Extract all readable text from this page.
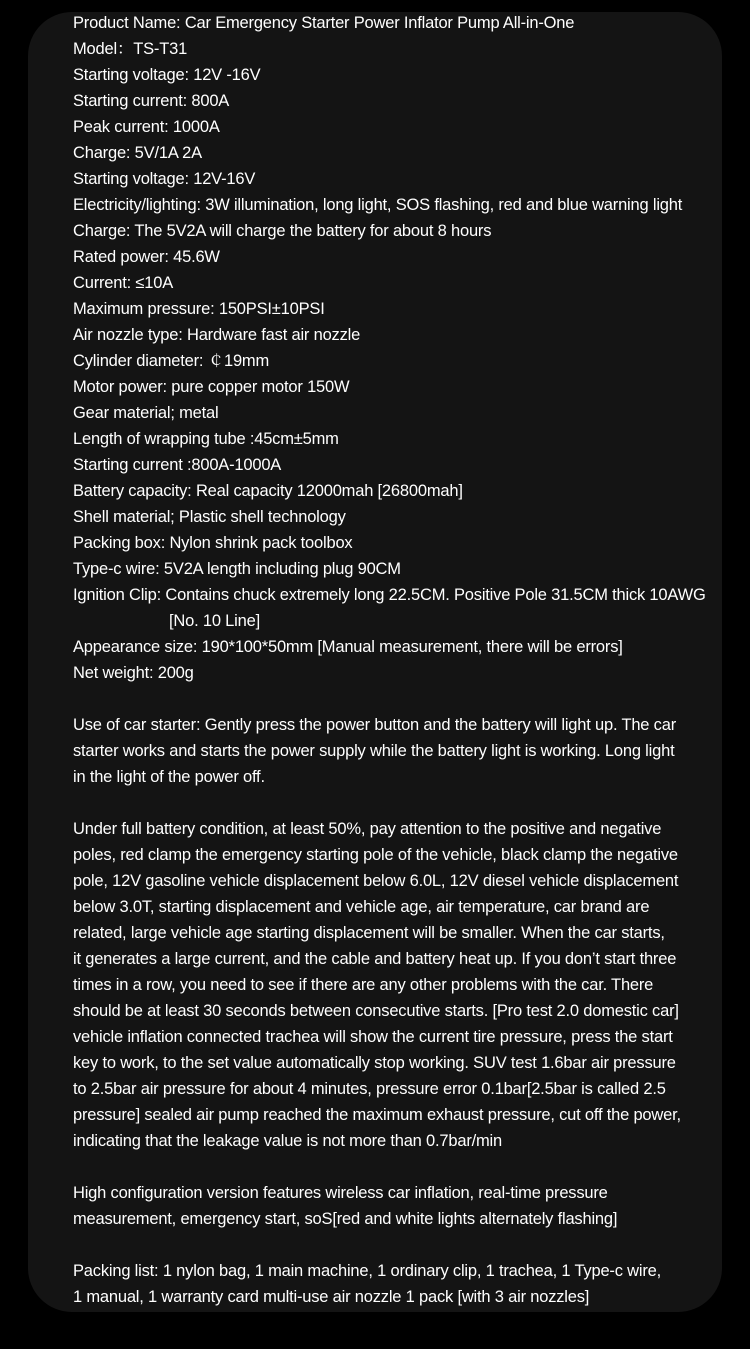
Product Name: Car Emergency Starter Power Inflator Pump All-in-One
Model：TS-T31
Starting voltage: 12V -16V
Starting current: 800A
Peak current: 1000A
Charge: 5V/1A 2A
Starting voltage: 12V-16V
Electricity/lighting: 3W illumination, long light, SOS flashing, red and blue warning light
Charge: The 5V2A will charge the battery for about 8 hours
Rated power: 45.6W
Current: ≤10A
Maximum pressure: 150PSI±10PSI
Air nozzle type: Hardware fast air nozzle
Cylinder diameter: ￠19mm
Motor power: pure copper motor 150W
Gear material; metal
Length of wrapping tube :45cm±5mm
Starting current :800A-1000A
Battery capacity: Real capacity 12000mah [26800mah]
Shell material; Plastic shell technology
Packing box: Nylon shrink pack toolbox
Type-c wire: 5V2A length including plug 90CM
Ignition Clip: Contains chuck extremely long 22.5CM. Positive Pole 31.5CM thick 10AWG
[No. 10 Line]
Appearance size: 190*100*50mm [Manual measurement, there will be errors]
Net weight: 200g

Use of car starter: Gently press the power button and the battery will light up. The car
starter works and starts the power supply while the battery light is working. Long light
in the light of the power off.

Under full battery condition, at least 50%, pay attention to the positive and negative
poles, red clamp the emergency starting pole of the vehicle, black clamp the negative
pole, 12V gasoline vehicle displacement below 6.0L, 12V diesel vehicle displacement
below 3.0T, starting displacement and vehicle age, air temperature, car brand are
related, large vehicle age starting displacement will be smaller. When the car starts,
it generates a large current, and the cable and battery heat up. If you don’t start three
times in a row, you need to see if there are any other problems with the car. There
should be at least 30 seconds between consecutive starts. [Pro test 2.0 domestic car]
vehicle inflation connected trachea will show the current tire pressure, press the start
key to work, to the set value automatically stop working. SUV test 1.6bar air pressure
to 2.5bar air pressure for about 4 minutes, pressure error 0.1bar[2.5bar is called 2.5
pressure] sealed air pump reached the maximum exhaust pressure, cut off the power,
indicating that the leakage value is not more than 0.7bar/min

High configuration version features wireless car inflation, real-time pressure
measurement, emergency start, soS[red and white lights alternately flashing]

Packing list: 1 nylon bag, 1 main machine, 1 ordinary clip, 1 trachea, 1 Type-c wire,
1 manual, 1 warranty card multi-use air nozzle 1 pack [with 3 air nozzles]
